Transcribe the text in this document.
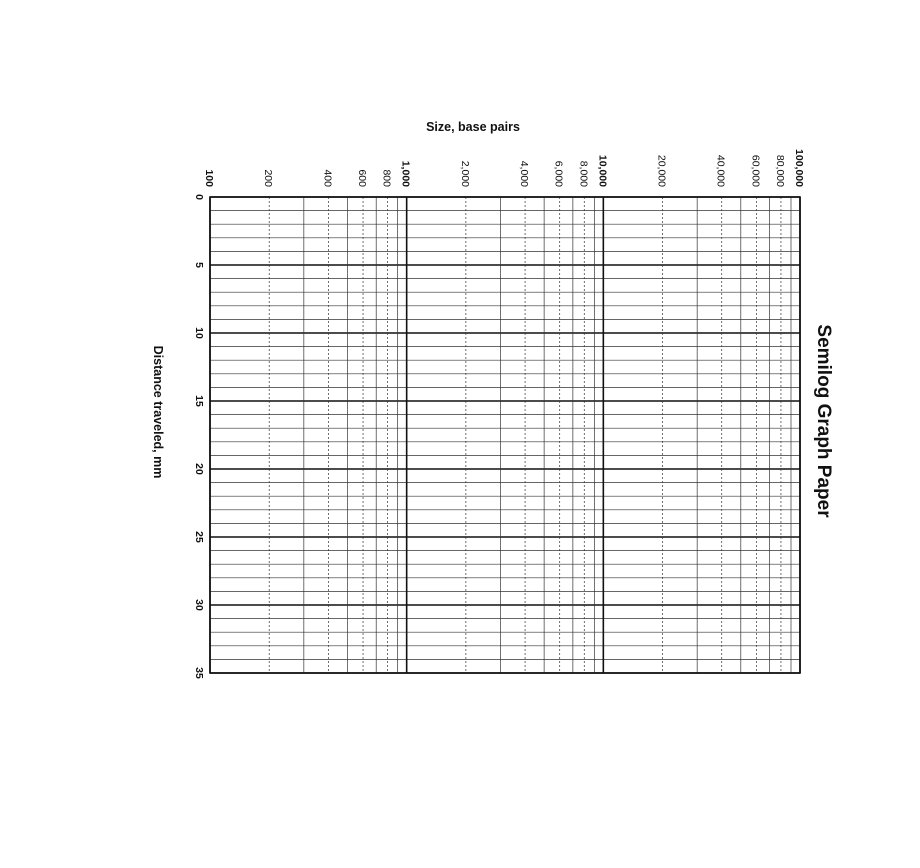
100	200	400 600 800 1,000	2,000	4,000 6,000 8,000 10,000	20,000	40,000 60,000 80,000 100,000
0
5
10
15
20
25
30
35
Size, base pairs
Distance traveled, mm	Semilog Graph Paper
